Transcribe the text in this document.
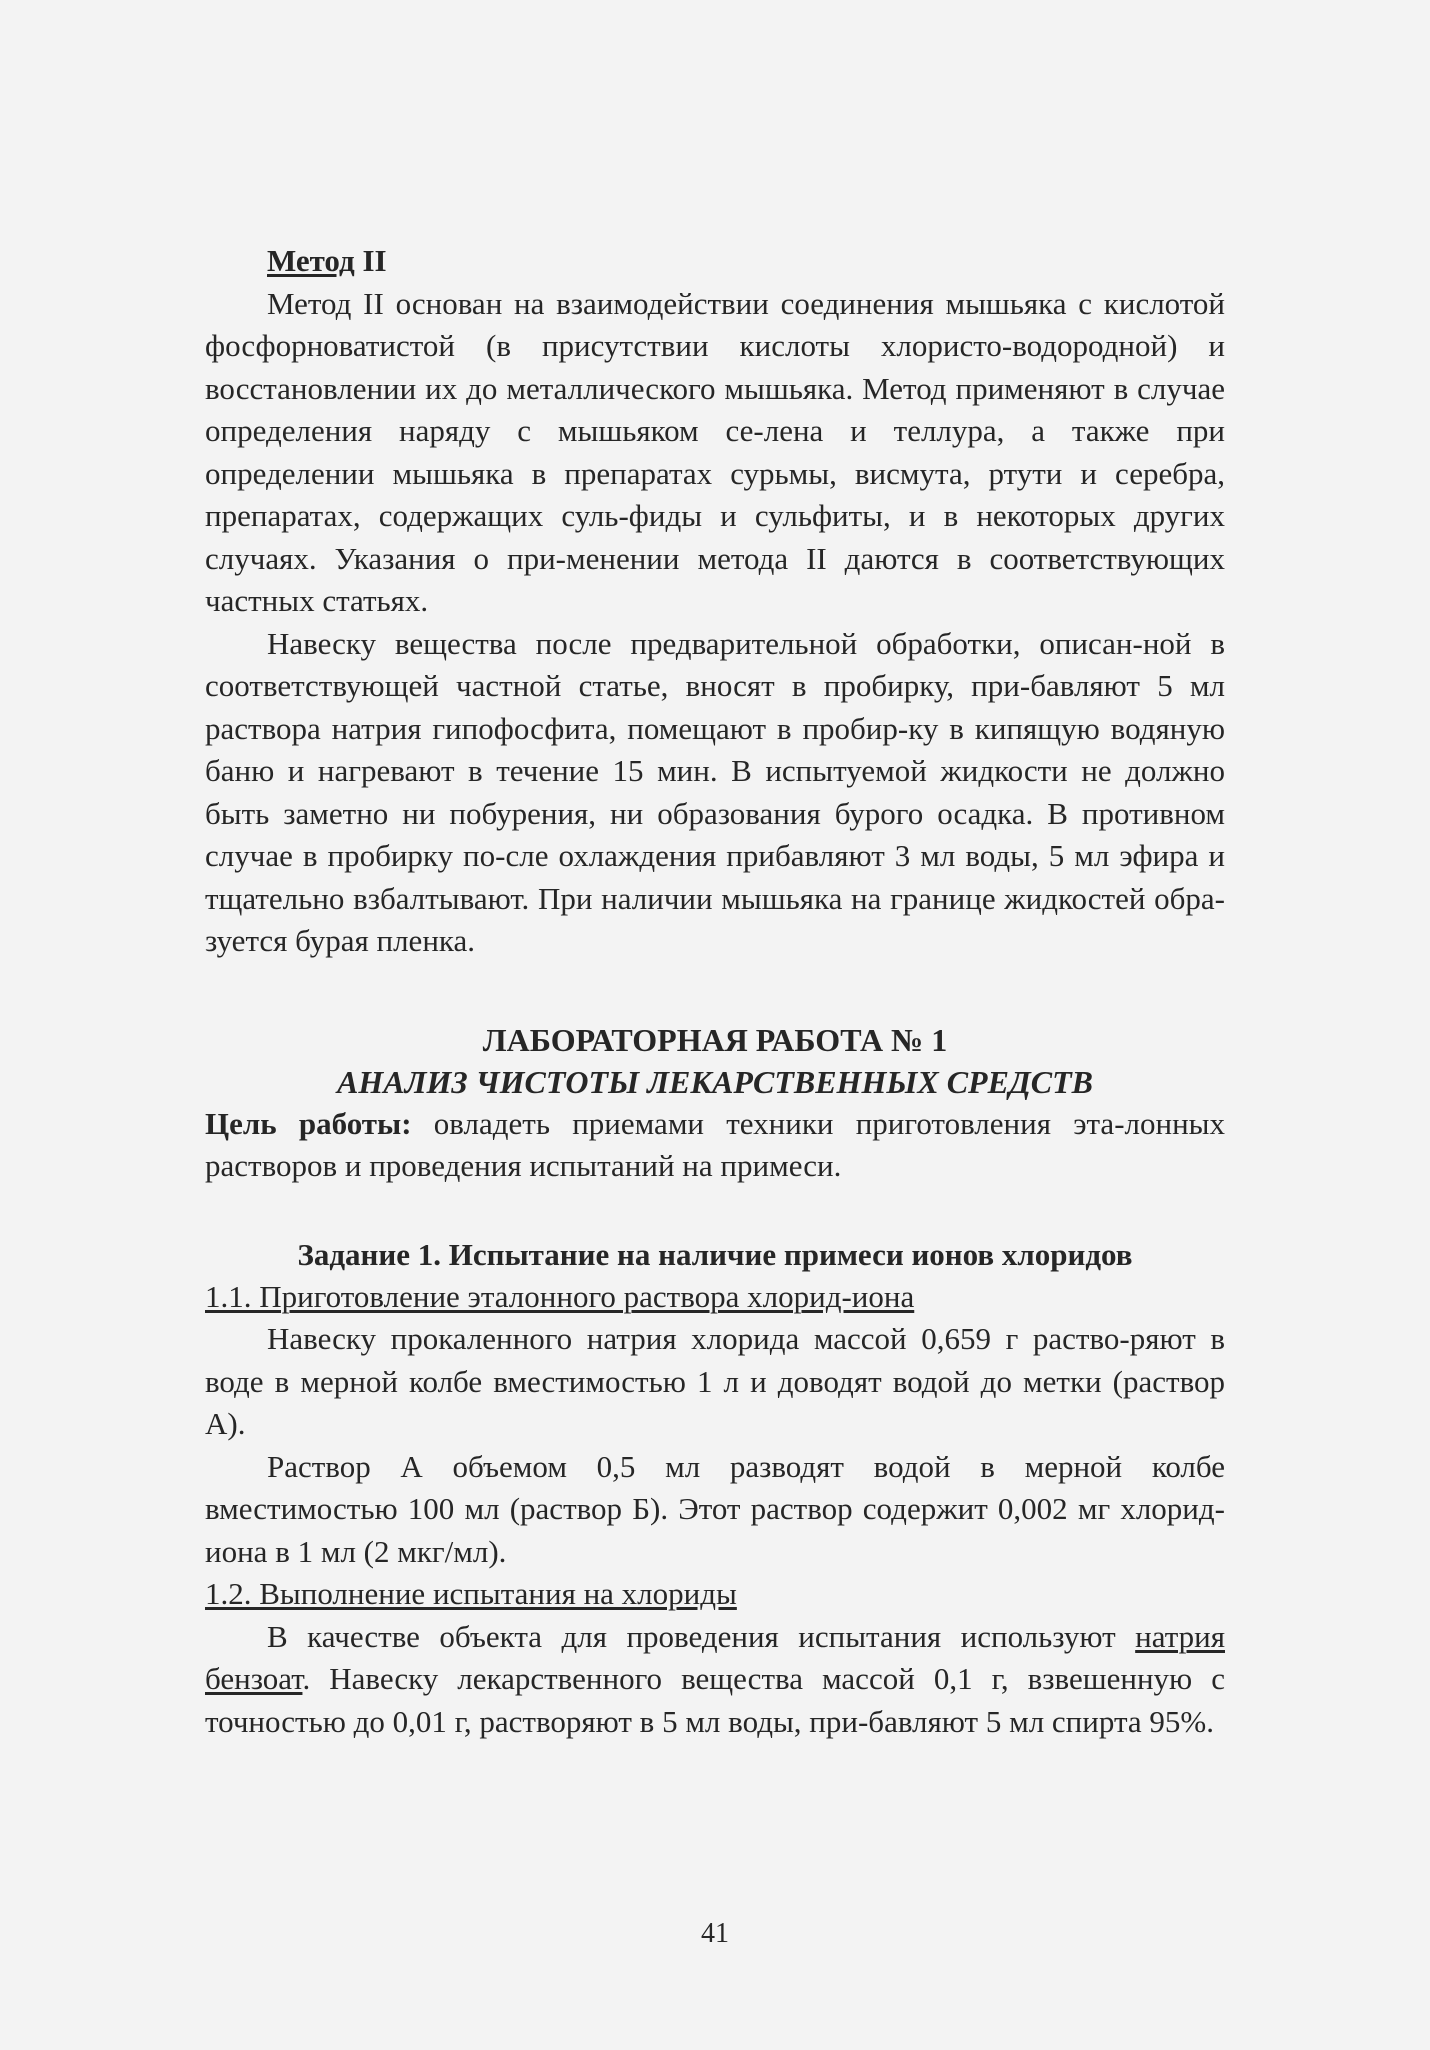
Метод II

Метод II основан на взаимодействии соединения мышьяка с кислотой фосфорноватистой (в присутствии кислоты хлористо-водородной) и восстановлении их до металлического мышьяка. Метод применяют в случае определения наряду с мышьяком се-лена и теллура, а также при определении мышьяка в препаратах сурьмы, висмута, ртути и серебра, препаратах, содержащих суль-фиды и сульфиты, и в некоторых других случаях. Указания о при-менении метода II даются в соответствующих частных статьях.

Навеску вещества после предварительной обработки, описан-ной в соответствующей частной статье, вносят в пробирку, при-бавляют 5 мл раствора натрия гипофосфита, помещают в пробир-ку в кипящую водяную баню и нагревают в течение 15 мин. В испытуемой жидкости не должно быть заметно ни побурения, ни образования бурого осадка. В противном случае в пробирку по-сле охлаждения прибавляют 3 мл воды, 5 мл эфира и тщательно взбалтывают. При наличии мышьяка на границе жидкостей обра-зуется бурая пленка.

ЛАБОРАТОРНАЯ РАБОТА № 1
АНАЛИЗ ЧИСТОТЫ ЛЕКАРСТВЕННЫХ СРЕДСТВ

Цель работы: овладеть приемами техники приготовления эта-лонных растворов и проведения испытаний на примеси.

Задание 1. Испытание на наличие примеси ионов хлоридов
1.1. Приготовление эталонного раствора хлорид-иона

Навеску прокаленного натрия хлорида массой 0,659 г раство-ряют в воде в мерной колбе вместимостью 1 л и доводят водой до метки (раствор А).

Раствор А объемом 0,5 мл разводят водой в мерной колбе вместимостью 100 мл (раствор Б). Этот раствор содержит 0,002 мг хлорид-иона в 1 мл (2 мкг/мл).

1.2. Выполнение испытания на хлориды

В качестве объекта для проведения испытания используют натрия бензоат. Навеску лекарственного вещества массой 0,1 г, взвешенную с точностью до 0,01 г, растворяют в 5 мл воды, при-бавляют 5 мл спирта 95%.

41
